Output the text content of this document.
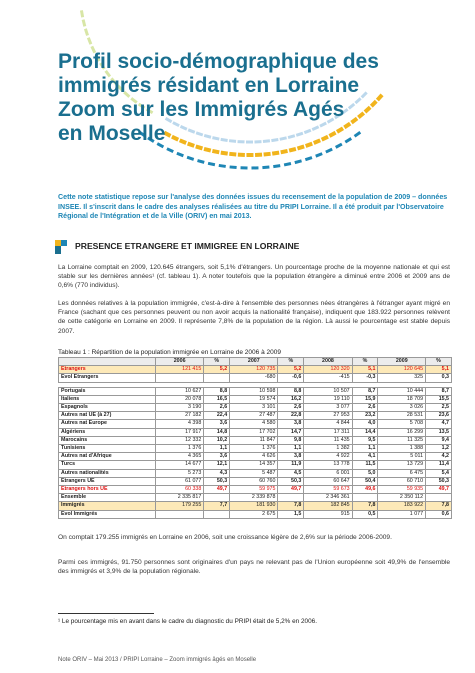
Profil socio-démographique des
immigrés résidant en Lorraine
Zoom sur les Immigrés Agés
en Moselle

Cette note statistique repose sur l'analyse des données issues du recensement de la population de 2009 – données INSEE. Il s'inscrit dans le cadre des analyses réalisées au titre du PRIPI Lorraine. Il a été produit par l'Observatoire Régional de l'Intégration et de la Ville (ORIV) en mai 2013.

PRESENCE ETRANGERE ET IMMIGREE EN LORRAINE

La Lorraine comptait en 2009, 120.645 étrangers, soit 5,1% d'étrangers. Un pourcentage proche de la moyenne nationale et qui est stable sur les dernières années¹ (cf. tableau 1). A noter toutefois que la population étrangère a diminué entre 2006 et 2009 ans de 0,6% (770 individus).

Les données relatives à la population immigrée, c'est-à-dire à l'ensemble des personnes nées étrangères à l'étranger ayant migré en France (sachant que ces personnes peuvent ou non avoir acquis la nationalité française), indiquent que 183.922 personnes relèvent de cette catégorie en Lorraine en 2009. Il représente 7,8% de la population de la région. Là aussi le pourcentage est stable depuis 2007.

Tableau 1 : Répartition de la population immigrée en Lorraine de 2006 à 2009
	2006	%	2007	%	2008	%	2009	%
Etrangers	121 415	5,2	120 735	5,2	120 320	5,1	120 645	5,1
Evol Etrangers			-680	-0,6	-415	-0,3	325	0,3

Portugais	10 627	8,8	10 598	8,8	10 507	8,7	10 444	8,7
Italiens	20 078	16,5	19 574	16,2	19 110	15,9	18 709	15,5
Espagnols	3 190	2,6	3 101	2,6	3 077	2,6	3 026	2,5
Autres nat UE (à 27)	27 182	22,4	27 487	22,8	27 953	23,2	28 531	23,6
Autres nat Europe	4 398	3,6	4 580	3,8	4 844	4,0	5 708	4,7
Algériens	17 917	14,8	17 702	14,7	17 311	14,4	16 299	13,5
Marocains	12 332	10,2	11 847	9,8	11 435	9,5	11 325	9,4
Tunisiens	1 376	1,1	1 376	1,1	1 382	1,1	1 388	1,2
Autres nat d'Afrique	4 365	3,6	4 626	3,8	4 922	4,1	5 011	4,2
Turcs	14 677	12,1	14 357	11,9	13 778	11,5	13 729	11,4
Autres nationalités	5 273	4,3	5 487	4,5	6 001	5,0	6 475	5,4
Etrangers UE	61 077	50,3	60 760	50,3	60 647	50,4	60 710	50,3
Etrangers hors UE	60 338	49,7	59 975	49,7	59 673	49,6	59 935	49,7
Ensemble	2 335 817		2 339 878		2 346 361		2 350 112	
Immigrés	179 255	7,7	181 930	7,8	182 845	7,8	183 922	7,8
Evol Immigrés			2 675	1,5	915	0,5	1 077	0,6

On comptait 179.255 immigrés en Lorraine en 2006, soit une croissance légère de 2,6% sur la période 2006-2009.

Parmi ces immigrés, 91.750 personnes sont originaires d'un pays ne relevant pas de l'Union européenne soit 49,9% de l'ensemble des immigrés et 3,9% de la population régionale.

¹ Le pourcentage mis en avant dans le cadre du diagnostic du PRIPI était de 5,2% en 2006.
Note ORIV – Mai 2013 / PRIPI Lorraine – Zoom immigrés âgés en Moselle
